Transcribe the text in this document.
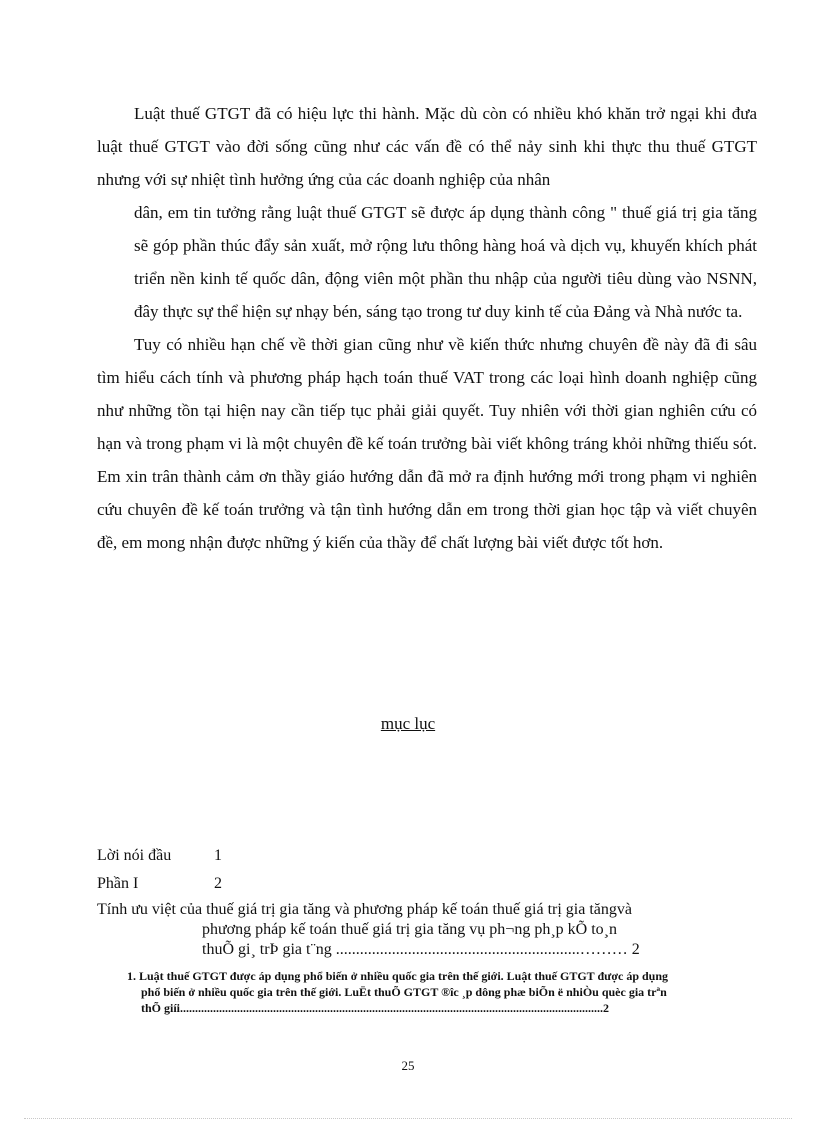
Luật thuế GTGT đã có hiệu lực thi hành. Mặc dù còn có nhiều khó khăn trở ngại khi đưa luật thuế GTGT vào đời sống cũng như các vấn đề có thể nảy sinh khi thực thu thuế GTGT nhưng với sự nhiệt tình hưởng ứng của các doanh nghiệp của nhân

dân, em tin tưởng rằng luật thuế GTGT sẽ được áp dụng thành công " thuế giá trị gia tăng sẽ góp phần thúc đẩy sản xuất, mở rộng lưu thông hàng hoá và dịch vụ, khuyến khích phát triển nền kinh tế quốc dân, động viên một phần thu nhập của người tiêu dùng vào NSNN, đây thực sự thể hiện sự nhạy bén, sáng tạo trong tư duy kinh tế của Đảng và Nhà nước ta.

Tuy có nhiều hạn chế về thời gian cũng như về kiến thức nhưng chuyên đề này đã đi sâu tìm hiểu cách tính và phương pháp hạch toán thuế VAT trong các loại hình doanh nghiệp cũng như những tồn tại hiện nay cần tiếp tục phải giải quyết. Tuy nhiên với thời gian nghiên cứu có hạn và trong phạm vi là một chuyên đề kế toán trưởng bài viết không tráng khỏi những thiếu sót. Em xin trân thành cảm ơn thầy giáo hướng dẫn đã mở ra định hướng mới trong phạm vi nghiên cứu chuyên đề kế toán trưởng và tận tình hướng dẫn em trong thời gian học tập và viết chuyên đề, em mong nhận được những ý kiến của thầy để chất lượng bài viết được tốt hơn.

mục lục
Lời nói đầu	1
Phần I	2
Tính ưu việt của thuế giá trị gia tăng và phương pháp kế toán thuế giá trị gia tăngvà
phương pháp kế toán thuế giá trị gia tăng vụ ph¬ng ph¸p kÕ to¸n
thuÕ gi¸ trÞ gia t¨ng .............................................................……… 2
1. Luật thuế GTGT được áp dụng phổ biến ở nhiều quốc gia trên thế giới. Luật thuế GTGT được áp dụng
phổ biến ở nhiều quốc gia trên thế giới. LuËt thuÕ GTGT ®îc ¸p dông phæ biÕn ë nhiÒu quèc gia trªn
thÕ giíi.............................................................................................................................................2
25
